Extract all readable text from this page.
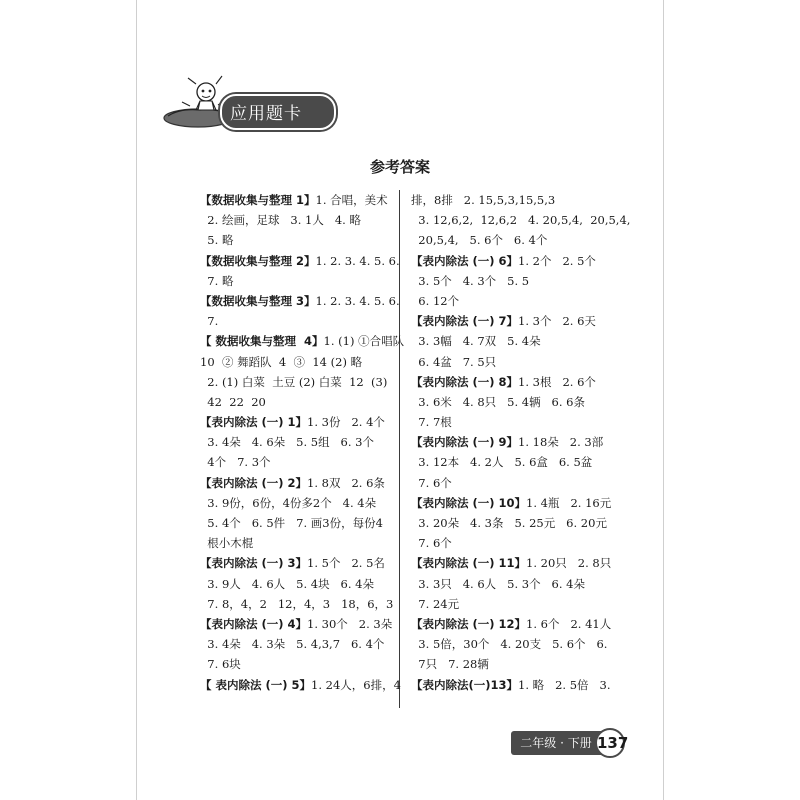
应用题卡
参考答案
【数据收集与整理 1】1. 合唱，美术
2. 绘画，足球   3. 1人   4. 略
5. 略
【数据收集与整理 2】1. 2. 3. 4. 5. 6.
7. 略
【数据收集与整理 3】1. 2. 3. 4. 5. 6.
7.
【 数据收集与整理  4】1. (1) ①合唱队
10  ② 舞蹈队  4  ③  14 (2) 略
2. (1) 白菜  土豆 (2) 白菜  12  (3)
42  22  20
【表内除法 (一) 1】1. 3份   2. 4个
3. 4朵   4. 6朵   5. 5组   6. 3个
4个   7. 3个
【表内除法 (一) 2】1. 8双   2. 6条
3. 9份，6份，4份多2个   4. 4朵
5. 4个   6. 5件   7. 画3份，每份4
根小木棍
【表内除法 (一) 3】1. 5个   2. 5名
3. 9人   4. 6人   5. 4块   6. 4朵
7. 8，4，2   12，4，3   18，6，3
【表内除法 (一) 4】1. 30个   2. 3朵
3. 4朵   4. 3朵   5. 4,3,7   6. 4个
7. 6块
【 表内除法 (一) 5】1. 24人，6排，4
排，8排   2. 15,5,3,15,5,3
3. 12,6,2,  12,6,2   4. 20,5,4,  20,5,4,
20,5,4,   5. 6个   6. 4个
【表内除法 (一) 6】1. 2个   2. 5个
3. 5个   4. 3个   5. 5
6. 12个
【表内除法 (一) 7】1. 3个   2. 6天
3. 3幅   4. 7双   5. 4朵
6. 4盆   7. 5只
【表内除法 (一) 8】1. 3根   2. 6个
3. 6米   4. 8只   5. 4辆   6. 6条
7. 7根
【表内除法 (一) 9】1. 18朵   2. 3部
3. 12本   4. 2人   5. 6盒   6. 5盆
7. 6个
【表内除法 (一) 10】1. 4瓶   2. 16元
3. 20朵   4. 3条   5. 25元   6. 20元
7. 6个
【表内除法 (一) 11】1. 20只   2. 8只
3. 3只   4. 6人   5. 3个   6. 4朵
7. 24元
【表内除法 (一) 12】1. 6个   2. 41人
3. 5倍，30个   4. 20支   5. 6个   6.
7只   7. 28辆
【表内除法(一)13】1. 略   2. 5倍   3.
二年级 · 下册 137
